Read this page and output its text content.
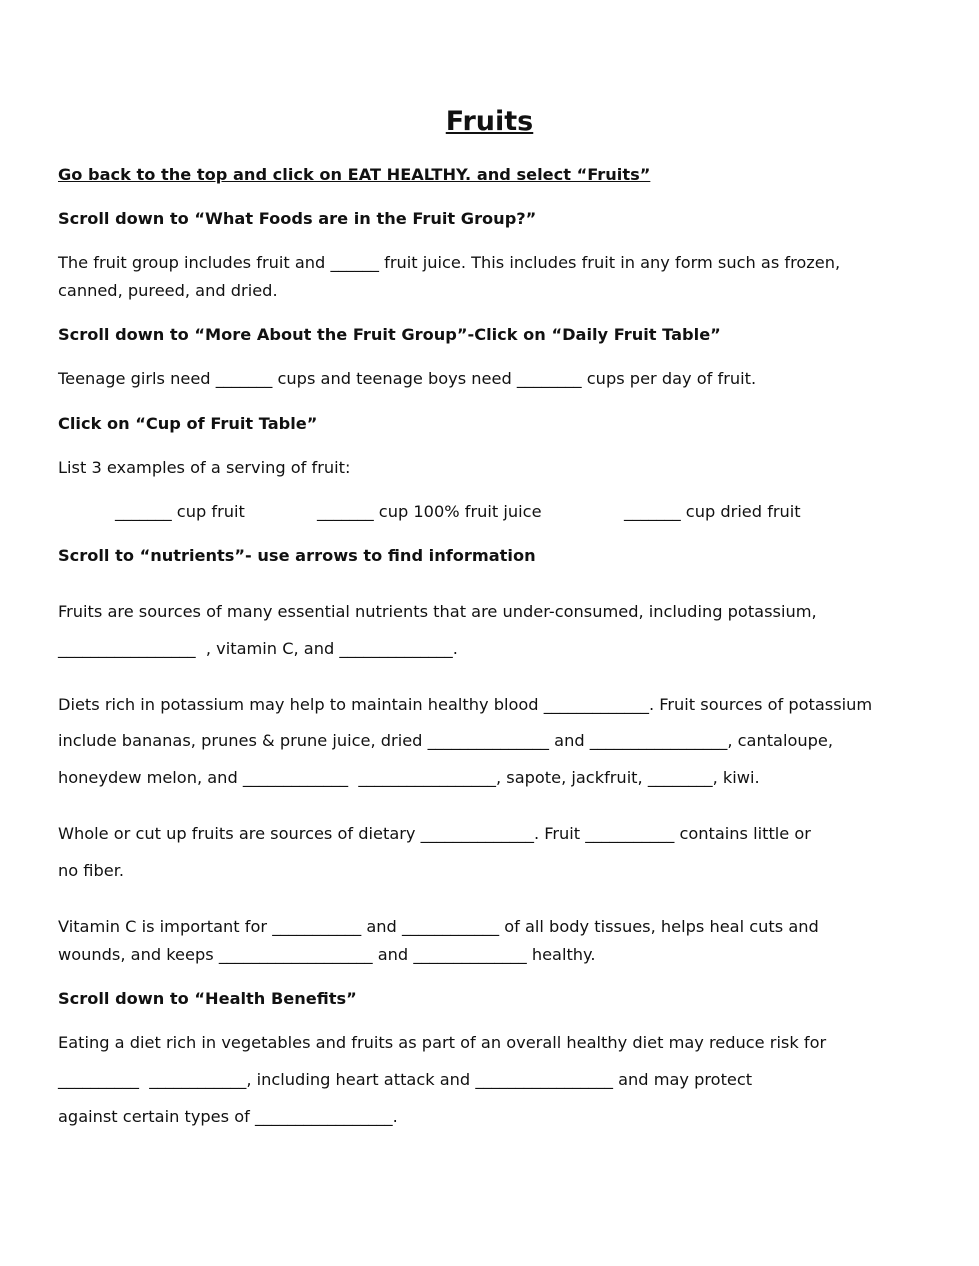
Fruits
Go back to the top and click on EAT HEALTHY. and select “Fruits”
Scroll down to “What Foods are in the Fruit Group?”
The fruit group includes fruit and ______ fruit juice. This includes fruit in any form such as frozen,
canned, pureed, and dried.
Scroll down to “More About the Fruit Group”-Click on “Daily Fruit Table”
Teenage girls need _______ cups and teenage boys need ________ cups per day of fruit.
Click on “Cup of Fruit Table”
List 3 examples of a serving of fruit:
_______ cup fruit	_______ cup 100% fruit juice	_______ cup dried fruit
Scroll to “nutrients”- use arrows to find information
Fruits are sources of many essential nutrients that are under-consumed, including potassium,
_________________  , vitamin C, and ______________.
Diets rich in potassium may help to maintain healthy blood _____________. Fruit sources of potassium
include bananas, prunes & prune juice, dried _______________ and _________________, cantaloupe,
honeydew melon, and _____________  _________________, sapote, jackfruit, ________, kiwi.
Whole or cut up fruits are sources of dietary ______________. Fruit ___________ contains little or
no fiber.
Vitamin C is important for ___________ and ____________ of all body tissues, helps heal cuts and
wounds, and keeps ___________________ and ______________ healthy.
Scroll down to “Health Benefits”
Eating a diet rich in vegetables and fruits as part of an overall healthy diet may reduce risk for
__________  ____________, including heart attack and _________________ and may protect
against certain types of _________________.
